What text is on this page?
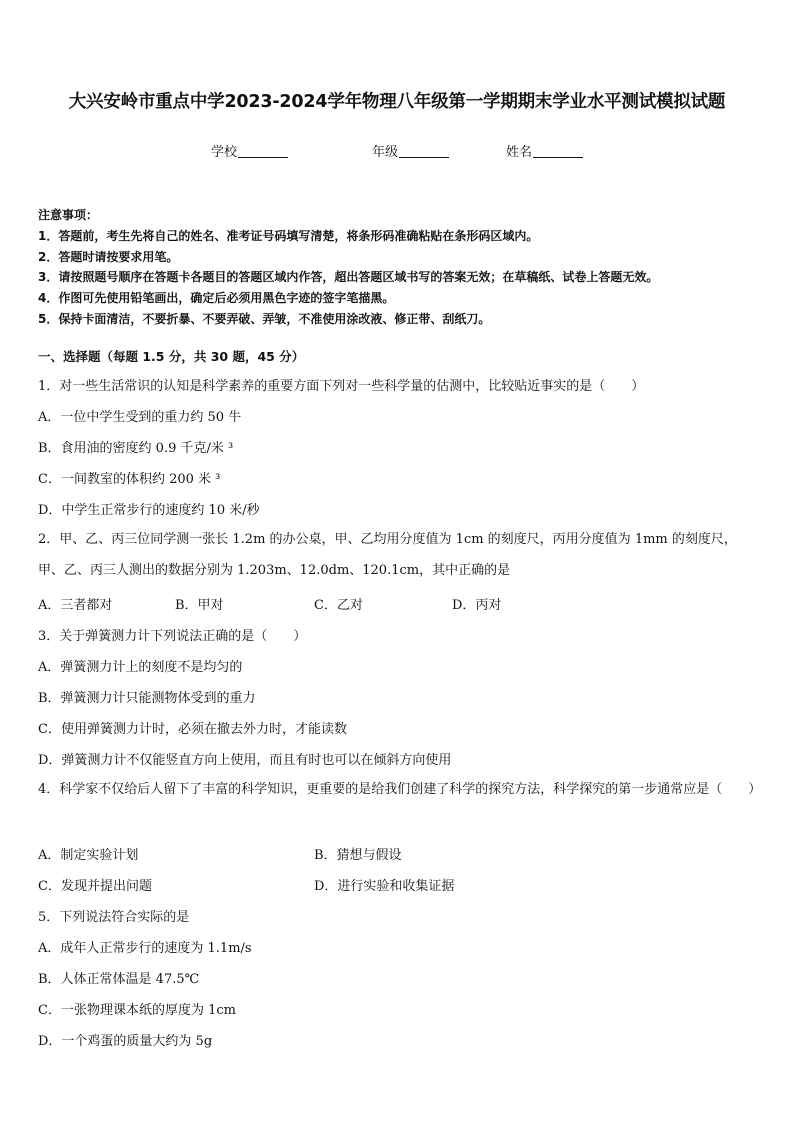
大兴安岭市重点中学2023-2024学年物理八年级第一学期期末学业水平测试模拟试题
学校	年级	姓名
注意事项：
1．答题前，考生先将自己的姓名、准考证号码填写清楚，将条形码准确粘贴在条形码区域内。
2．答题时请按要求用笔。
3．请按照题号顺序在答题卡各题目的答题区域内作答，超出答题区域书写的答案无效；在草稿纸、试卷上答题无效。
4．作图可先使用铅笔画出，确定后必须用黑色字迹的签字笔描黑。
5．保持卡面清洁，不要折暴、不要弄破、弄皱，不准使用涂改液、修正带、刮纸刀。
一、选择题（每题 1.5 分，共 30 题，45 分）
1．对一些生活常识的认知是科学素养的重要方面下列对一些科学量的估测中，比较贴近事实的是（　　）
A．一位中学生受到的重力约 50 牛
B．食用油的密度约 0.9 千克/米 ³
C．一间教室的体积约 200 米 ³
D．中学生正常步行的速度约 10 米/秒
2．甲、乙、丙三位同学测一张长 1.2m 的办公桌，甲、乙均用分度值为 1cm 的刻度尺，丙用分度值为 1mm 的刻度尺，甲、乙、丙三人测出的数据分别为 1.203m、12.0dm、120.1cm，其中正确的是
A．三者都对	B．甲对	C．乙对	D．丙对
3．关于弹簧测力计下列说法正确的是（　　）
A．弹簧测力计上的刻度不是均匀的
B．弹簧测力计只能测物体受到的重力
C．使用弹簧测力计时，必须在撤去外力时，才能读数
D．弹簧测力计不仅能竖直方向上使用，而且有时也可以在倾斜方向使用
4．科学家不仅给后人留下了丰富的科学知识，更重要的是给我们创建了科学的探究方法，科学探究的第一步通常应是（　　）
A．制定实验计划	B．猜想与假设
C．发现并提出问题	D．进行实验和收集证据
5．下列说法符合实际的是
A．成年人正常步行的速度为 1.1m/s
B．人体正常体温是 47.5℃
C．一张物理课本纸的厚度为 1cm
D．一个鸡蛋的质量大约为 5g
